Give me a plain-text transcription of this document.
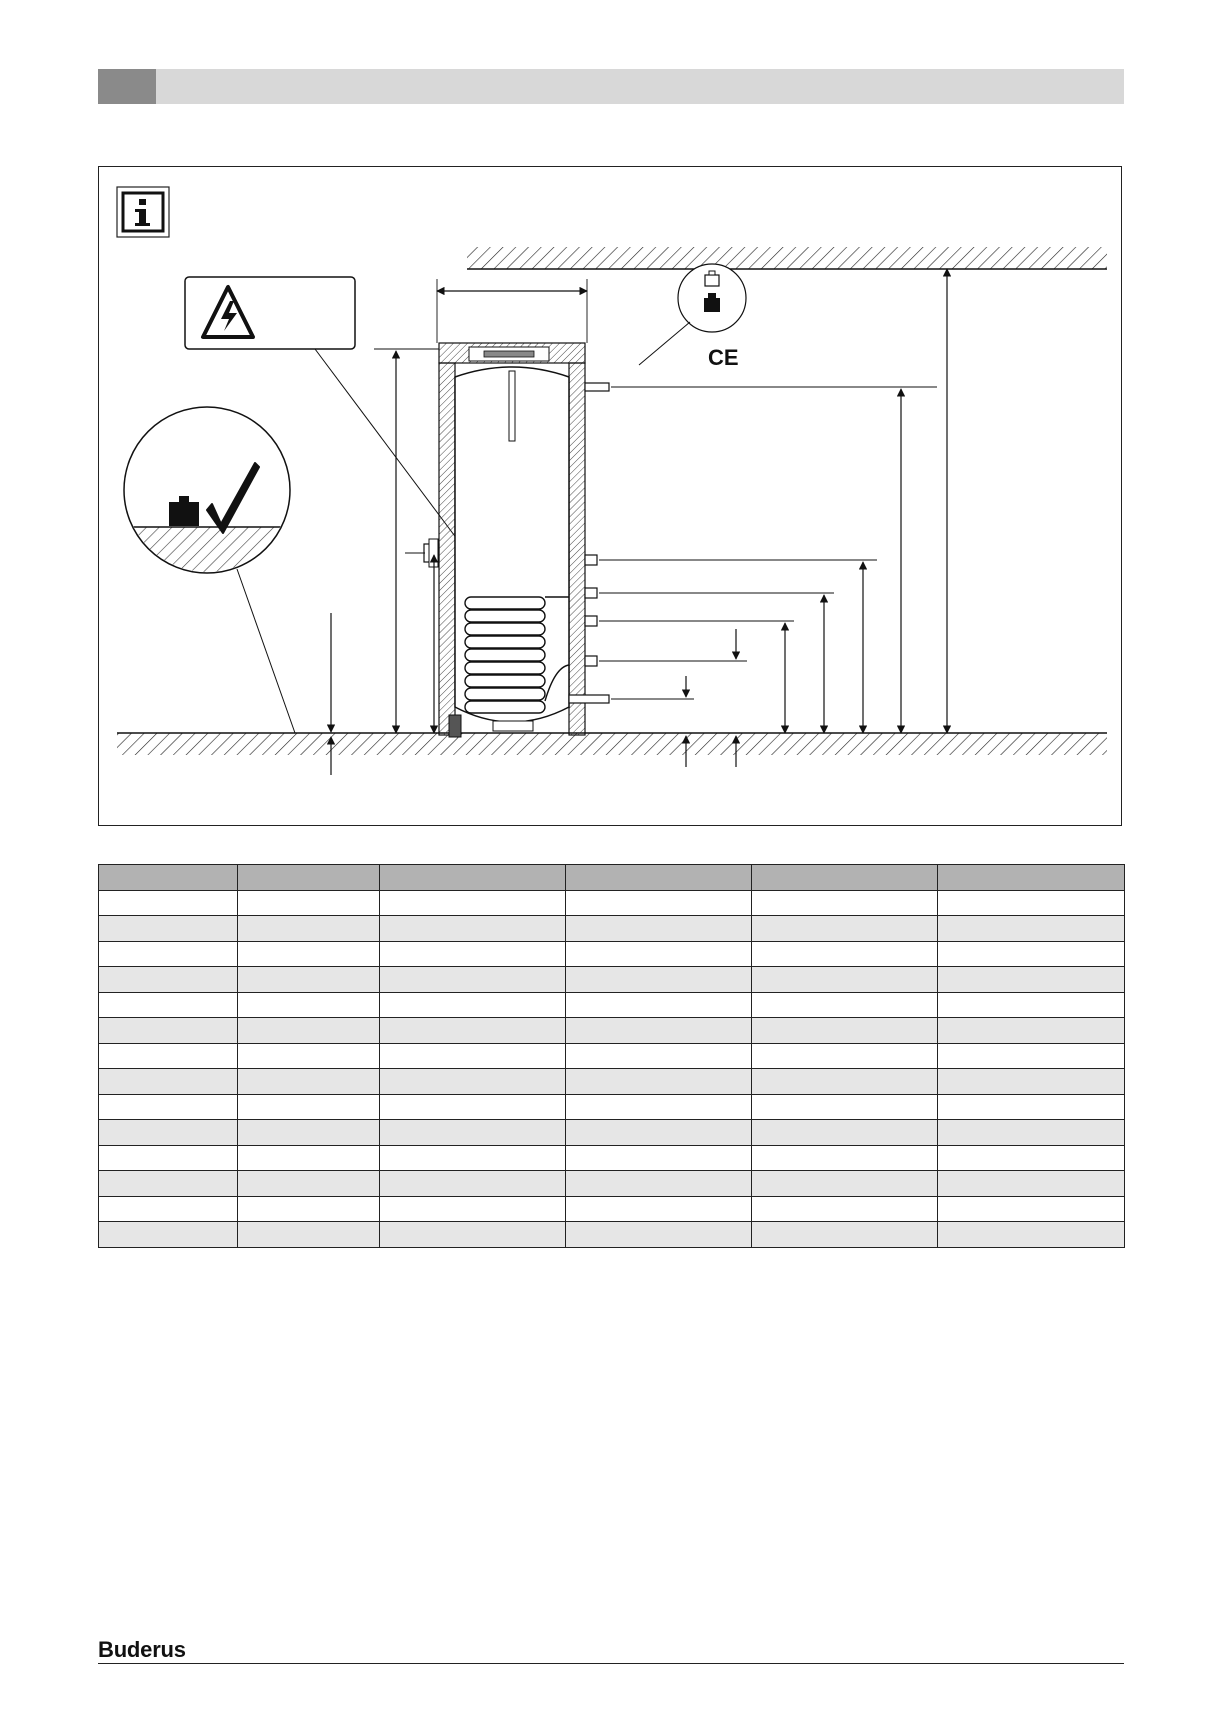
CE

Buderus
